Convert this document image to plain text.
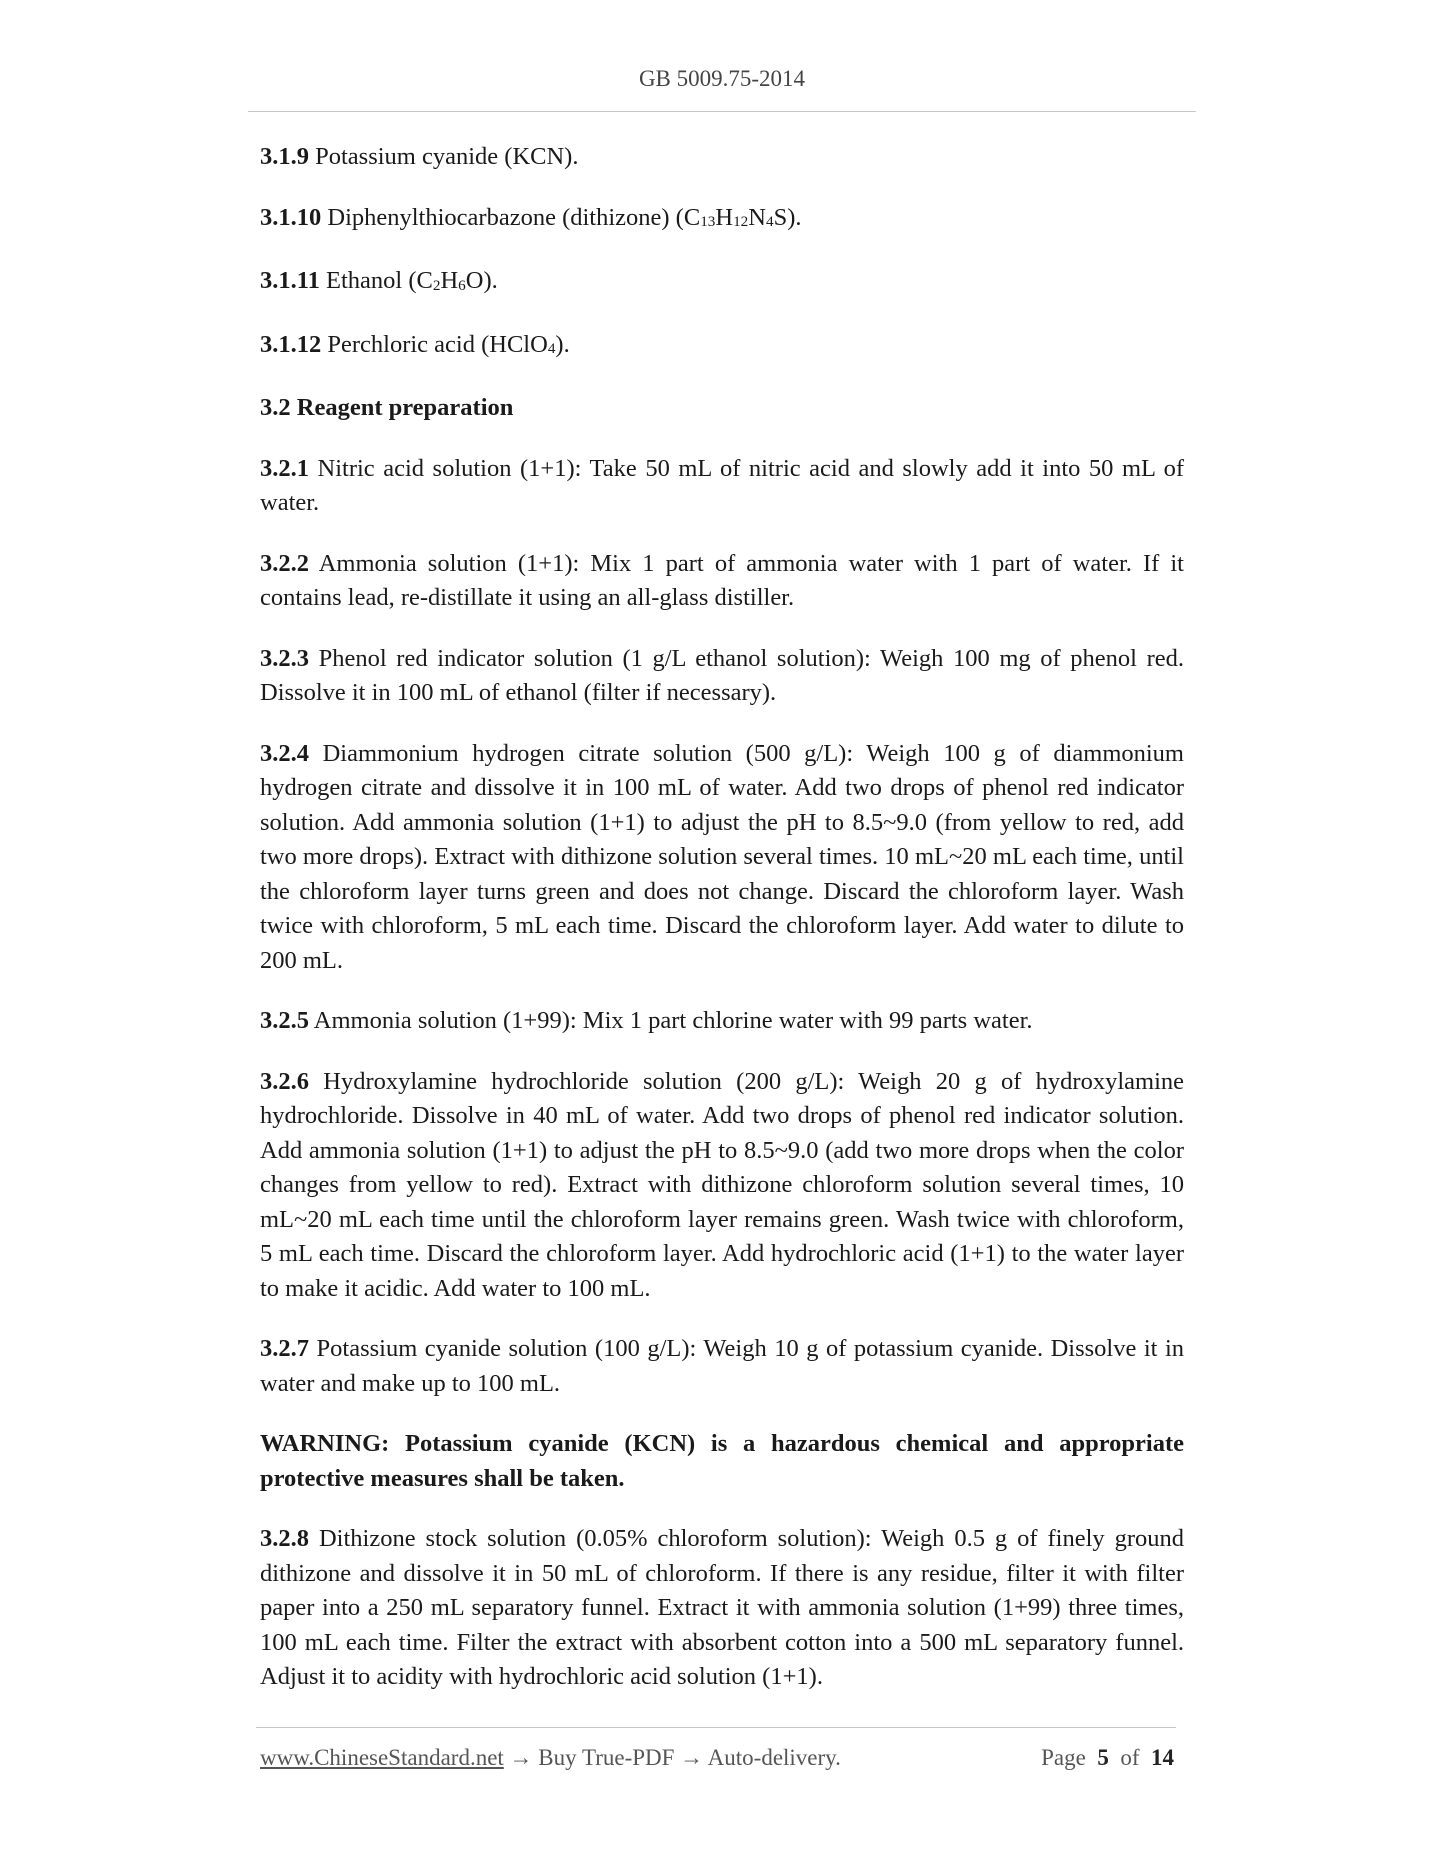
GB 5009.75-2014

3.1.9 Potassium cyanide (KCN).

3.1.10 Diphenylthiocarbazone (dithizone) (C13H12N4S).

3.1.11 Ethanol (C2H6O).

3.1.12 Perchloric acid (HClO4).

3.2 Reagent preparation

3.2.1 Nitric acid solution (1+1): Take 50 mL of nitric acid and slowly add it into 50 mL of water.

3.2.2 Ammonia solution (1+1): Mix 1 part of ammonia water with 1 part of water. If it contains lead, re-distillate it using an all-glass distiller.

3.2.3 Phenol red indicator solution (1 g/L ethanol solution): Weigh 100 mg of phenol red. Dissolve it in 100 mL of ethanol (filter if necessary).

3.2.4 Diammonium hydrogen citrate solution (500 g/L): Weigh 100 g of diammonium hydrogen citrate and dissolve it in 100 mL of water. Add two drops of phenol red indicator solution. Add ammonia solution (1+1) to adjust the pH to 8.5~9.0 (from yellow to red, add two more drops). Extract with dithizone solution several times. 10 mL~20 mL each time, until the chloroform layer turns green and does not change. Discard the chloroform layer. Wash twice with chloroform, 5 mL each time. Discard the chloroform layer. Add water to dilute to 200 mL.

3.2.5 Ammonia solution (1+99): Mix 1 part chlorine water with 99 parts water.

3.2.6 Hydroxylamine hydrochloride solution (200 g/L): Weigh 20 g of hydroxylamine hydrochloride. Dissolve in 40 mL of water. Add two drops of phenol red indicator solution. Add ammonia solution (1+1) to adjust the pH to 8.5~9.0 (add two more drops when the color changes from yellow to red). Extract with dithizone chloroform solution several times, 10 mL~20 mL each time until the chloroform layer remains green. Wash twice with chloroform, 5 mL each time. Discard the chloroform layer. Add hydrochloric acid (1+1) to the water layer to make it acidic. Add water to 100 mL.

3.2.7 Potassium cyanide solution (100 g/L): Weigh 10 g of potassium cyanide. Dissolve it in water and make up to 100 mL.

WARNING: Potassium cyanide (KCN) is a hazardous chemical and appropriate protective measures shall be taken.

3.2.8 Dithizone stock solution (0.05% chloroform solution): Weigh 0.5 g of finely ground dithizone and dissolve it in 50 mL of chloroform. If there is any residue, filter it with filter paper into a 250 mL separatory funnel. Extract it with ammonia solution (1+99) three times, 100 mL each time. Filter the extract with absorbent cotton into a 500 mL separatory funnel. Adjust it to acidity with hydrochloric acid solution (1+1).

www.ChineseStandard.net → Buy True-PDF → Auto-delivery.	Page 5 of 14
